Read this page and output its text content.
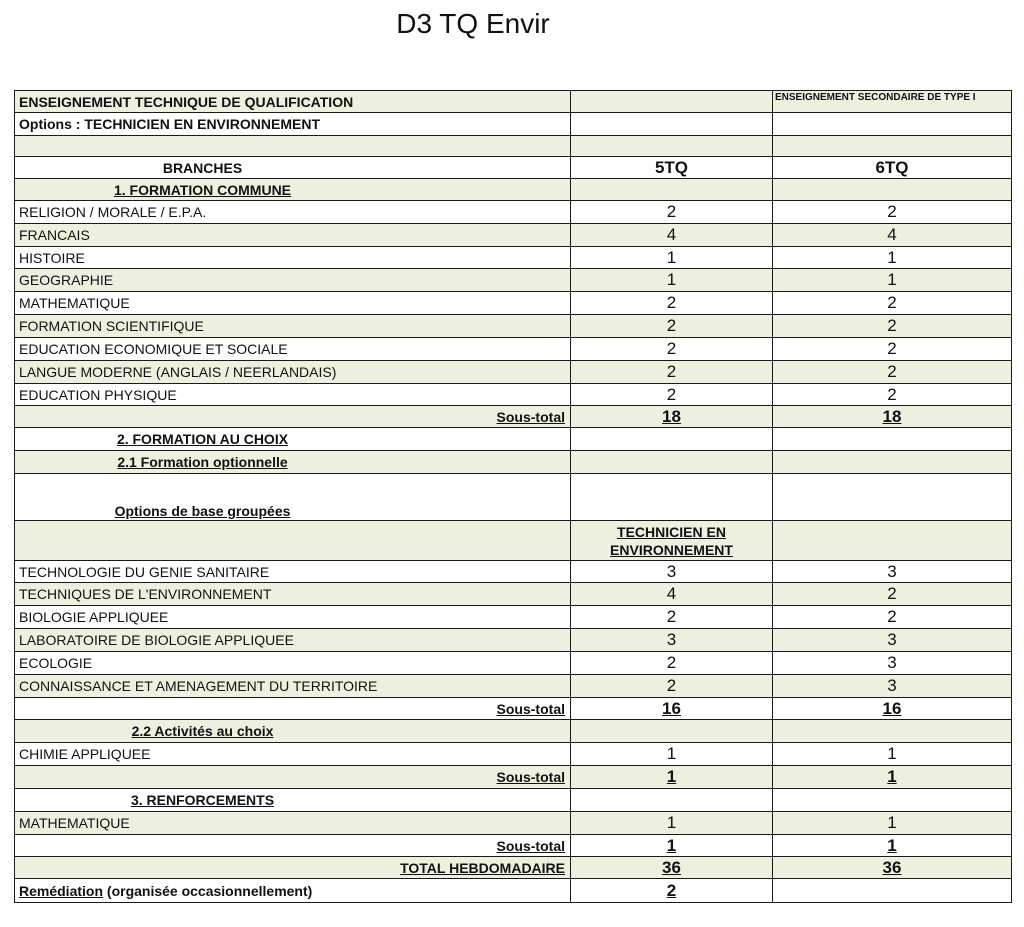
D3 TQ Envir
ENSEIGNEMENT TECHNIQUE DE QUALIFICATION		ENSEIGNEMENT SECONDAIRE DE TYPE I
Options : TECHNICIEN EN ENVIRONNEMENT		

BRANCHES	5TQ	6TQ
1. FORMATION COMMUNE		
RELIGION / MORALE / E.P.A.	2	2
FRANCAIS	4	4
HISTOIRE	1	1
GEOGRAPHIE	1	1
MATHEMATIQUE	2	2
FORMATION SCIENTIFIQUE	2	2
EDUCATION ECONOMIQUE ET SOCIALE	2	2
LANGUE MODERNE (ANGLAIS / NEERLANDAIS)	2	2
EDUCATION PHYSIQUE	2	2
Sous-total	18	18
2. FORMATION AU CHOIX		
2.1 Formation optionnelle		
Options de base groupées		
	TECHNICIEN EN ENVIRONNEMENT	
TECHNOLOGIE DU GENIE SANITAIRE	3	3
TECHNIQUES DE L'ENVIRONNEMENT	4	2
BIOLOGIE APPLIQUEE	2	2
LABORATOIRE DE BIOLOGIE APPLIQUEE	3	3
ECOLOGIE	2	3
CONNAISSANCE ET AMENAGEMENT DU TERRITOIRE	2	3
Sous-total	16	16
2.2 Activités au choix		
CHIMIE APPLIQUEE	1	1
Sous-total	1	1
3. RENFORCEMENTS		
MATHEMATIQUE	1	1
Sous-total	1	1
TOTAL HEBDOMADAIRE	36	36
Remédiation (organisée occasionnellement)	2	
